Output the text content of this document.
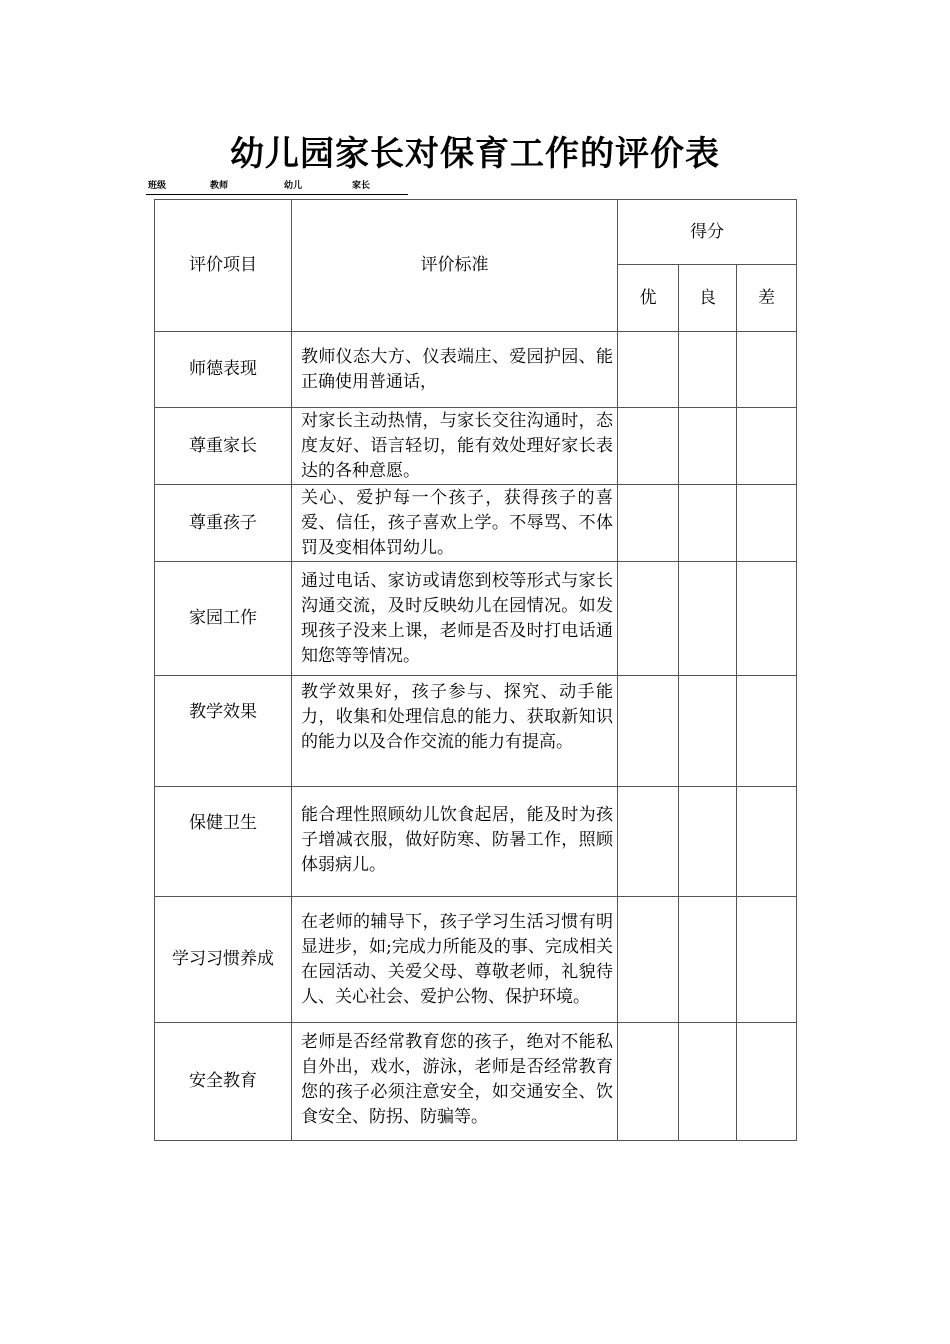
幼儿园家长对保育工作的评价表
班级	教师	幼儿	家长
评价项目	评价标准	得分		
		优	良	差
师德表现	教师仪态大方、仪表端庄、爱园护园、能正确使用普通话，			
尊重家长	对家长主动热情，与家长交往沟通时，态度友好、语言轻切，能有效处理好家长表达的各种意愿。			
尊重孩子	关心、爱护每一个孩子，获得孩子的喜爱、信任，孩子喜欢上学。不辱骂、不体罚及变相体罚幼儿。			
家园工作	通过电话、家访或请您到校等形式与家长沟通交流，及时反映幼儿在园情况。如发现孩子没来上课，老师是否及时打电话通知您等等情况。			
教学效果	教学效果好，孩子参与、探究、动手能力，收集和处理信息的能力、获取新知识的能力以及合作交流的能力有提高。			
保健卫生	能合理性照顾幼儿饮食起居，能及时为孩子增减衣服，做好防寒、防暑工作，照顾体弱病儿。			
学习习惯养成	在老师的辅导下，孩子学习生活习惯有明显进步，如;完成力所能及的事、完成相关在园活动、关爱父母、尊敬老师，礼貌待人、关心社会、爱护公物、保护环境。			
安全教育	老师是否经常教育您的孩子，绝对不能私自外出，戏水，游泳，老师是否经常教育您的孩子必须注意安全，如交通安全、饮食安全、防拐、防骗等。			
